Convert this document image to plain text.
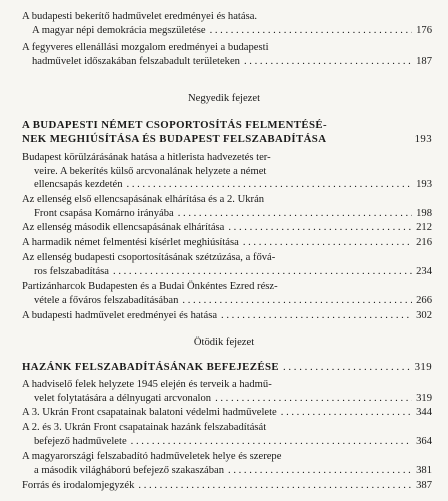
A budapesti bekerítő hadművelet eredményei és hatása.
A magyar népi demokrácia megszületése . . .	176
A fegyveres ellenállási mozgalom eredményei a budapesti
hadművelet időszakában felszabadult területeken . . .	187
Negyedik fejezet
A BUDAPESTI NÉMET CSOPORTOSÍTÁS FELMENTÉSÉ-
NEK MEGHIÚSÍTÁSA ÉS BUDAPEST FELSZABADÍTÁSA	193
Budapest körülzárásának hatása a hitlerista hadvezetés ter-
veire. A bekerítés külső arcvonalának helyzete a német
ellencsapás kezdetén . . .	193
Az ellenség első ellencsapásának elhárítása és a 2. Ukrán
Front csapása Komárno irányába . . .	198
Az ellenség második ellencsapásának elhárítása . . .	212
A harmadik német felmentési kísérlet meghiúsítása . . .	216
Az ellenség budapesti csoportosításának szétzúzása, a fővá-
ros felszabadítása . . .	234
Partizánharcok Budapesten és a Budai Önkéntes Ezred rész-
vétele a főváros felszabadításában . . .	266
A budapesti hadművelet eredményei és hatása . . .	302
Ötödik fejezet
HAZÁNK FELSZABADÍTÁSÁNAK BEFEJEZÉSE . . .	319
A hadviselő felek helyzete 1945 elején és terveik a hadmű-
velet folytatására a délnyugati arcvonalon . . .	319
A 3. Ukrán Front csapatainak balatoni védelmi hadművelete . . .	344
A 2. és 3. Ukrán Front csapatainak hazánk felszabadítását
befejező hadművelete . . .	364
A magyarországi felszabadító hadműveletek helye és szerepe
a második világháború befejező szakaszában . . .	381
Forrás és irodalomjegyzék . . .	387
